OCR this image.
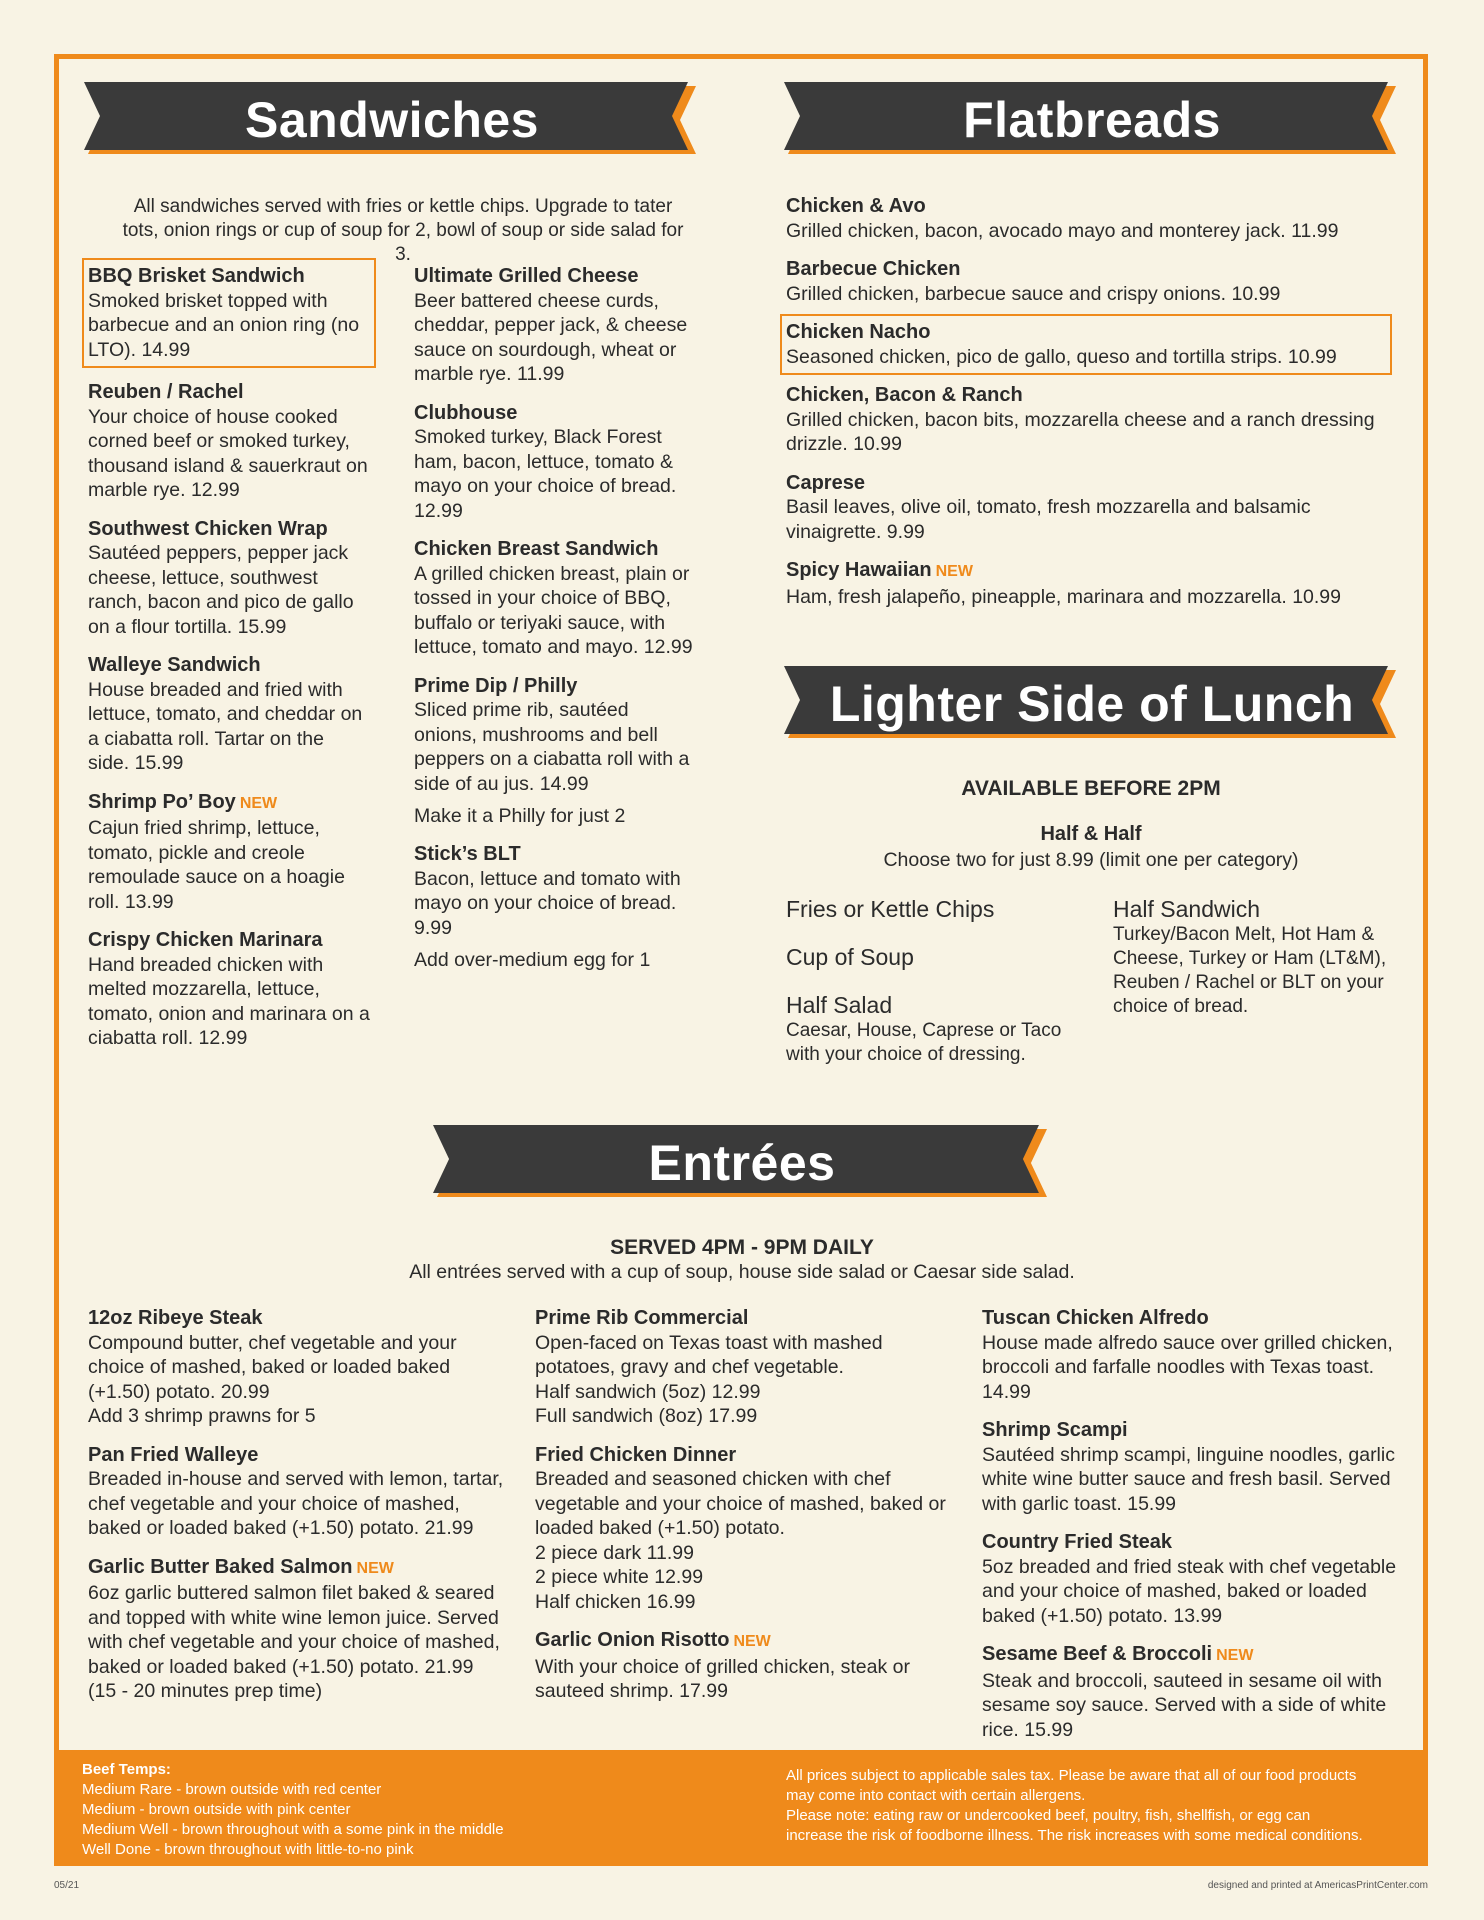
Sandwiches	Flatbreads
All sandwiches served with fries or kettle chips. Upgrade to tater tots, onion rings or cup of soup for 2, bowl of soup or side salad for 3.
BBQ Brisket Sandwich
Smoked brisket topped with barbecue and an onion ring (no LTO). 14.99
Reuben / Rachel
Your choice of house cooked corned beef or smoked turkey, thousand island & sauerkraut on marble rye. 12.99
Southwest Chicken Wrap
Sautéed peppers, pepper jack cheese, lettuce, southwest ranch, bacon and pico de gallo on a flour tortilla. 15.99
Walleye Sandwich
House breaded and fried with lettuce, tomato, and cheddar on a ciabatta roll. Tartar on the side. 15.99
Shrimp Po’ Boy NEW
Cajun fried shrimp, lettuce, tomato, pickle and creole remoulade sauce on a hoagie roll. 13.99
Crispy Chicken Marinara
Hand breaded chicken with melted mozzarella, lettuce, tomato, onion and marinara on a ciabatta roll. 12.99
Ultimate Grilled Cheese
Beer battered cheese curds, cheddar, pepper jack, & cheese sauce on sourdough, wheat or marble rye. 11.99
Clubhouse
Smoked turkey, Black Forest ham, bacon, lettuce, tomato & mayo on your choice of bread. 12.99
Chicken Breast Sandwich
A grilled chicken breast, plain or tossed in your choice of BBQ, buffalo or teriyaki sauce, with lettuce, tomato and mayo. 12.99
Prime Dip / Philly
Sliced prime rib, sautéed onions, mushrooms and bell peppers on a ciabatta roll with a side of au jus. 14.99
Make it a Philly for just 2
Stick’s BLT
Bacon, lettuce and tomato with mayo on your choice of bread. 9.99
Add over-medium egg for 1
Chicken & Avo
Grilled chicken, bacon, avocado mayo and monterey jack. 11.99
Barbecue Chicken
Grilled chicken, barbecue sauce and crispy onions. 10.99
Chicken Nacho
Seasoned chicken, pico de gallo, queso and tortilla strips. 10.99
Chicken, Bacon & Ranch
Grilled chicken, bacon bits, mozzarella cheese and a ranch dressing drizzle. 10.99
Caprese
Basil leaves, olive oil, tomato, fresh mozzarella and balsamic vinaigrette. 9.99
Spicy Hawaiian NEW
Ham, fresh jalapeño, pineapple, marinara and mozzarella. 10.99
Lighter Side of Lunch
AVAILABLE BEFORE 2PM
Half & Half
Choose two for just 8.99 (limit one per category)
Fries or Kettle Chips
Cup of Soup
Half Salad
Caesar, House, Caprese or Taco with your choice of dressing.
Half Sandwich
Turkey/Bacon Melt, Hot Ham & Cheese, Turkey or Ham (LT&M), Reuben / Rachel or BLT on your choice of bread.
Entrées
SERVED 4PM - 9PM DAILY
All entrées served with a cup of soup, house side salad or Caesar side salad.
12oz Ribeye Steak
Compound butter, chef vegetable and your choice of mashed, baked or loaded baked (+1.50) potato. 20.99
Add 3 shrimp prawns for 5
Pan Fried Walleye
Breaded in-house and served with lemon, tartar, chef vegetable and your choice of mashed, baked or loaded baked (+1.50) potato. 21.99
Garlic Butter Baked Salmon NEW
6oz garlic buttered salmon filet baked & seared and topped with white wine lemon juice. Served with chef vegetable and your choice of mashed, baked or loaded baked (+1.50) potato. 21.99
(15 - 20 minutes prep time)
Prime Rib Commercial
Open-faced on Texas toast with mashed potatoes, gravy and chef vegetable.
Half sandwich (5oz) 12.99
Full sandwich (8oz) 17.99
Fried Chicken Dinner
Breaded and seasoned chicken with chef vegetable and your choice of mashed, baked or loaded baked (+1.50) potato.
2 piece dark 11.99
2 piece white 12.99
Half chicken 16.99
Garlic Onion Risotto NEW
With your choice of grilled chicken, steak or sauteed shrimp. 17.99
Tuscan Chicken Alfredo
House made alfredo sauce over grilled chicken, broccoli and farfalle noodles with Texas toast. 14.99
Shrimp Scampi
Sautéed shrimp scampi, linguine noodles, garlic white wine butter sauce and fresh basil. Served with garlic toast. 15.99
Country Fried Steak
5oz breaded and fried steak with chef vegetable and your choice of mashed, baked or loaded baked (+1.50) potato. 13.99
Sesame Beef & Broccoli NEW
Steak and broccoli, sauteed in sesame oil with sesame soy sauce. Served with a side of white rice. 15.99
Beef Temps:
Medium Rare - brown outside with red center
Medium - brown outside with pink center
Medium Well - brown throughout with a some pink in the middle
Well Done - brown throughout with little-to-no pink
All prices subject to applicable sales tax. Please be aware that all of our food products
may come into contact with certain allergens.
Please note: eating raw or undercooked beef, poultry, fish, shellfish, or egg can
increase the risk of foodborne illness. The risk increases with some medical conditions.
05/21	designed and printed at AmericasPrintCenter.com
